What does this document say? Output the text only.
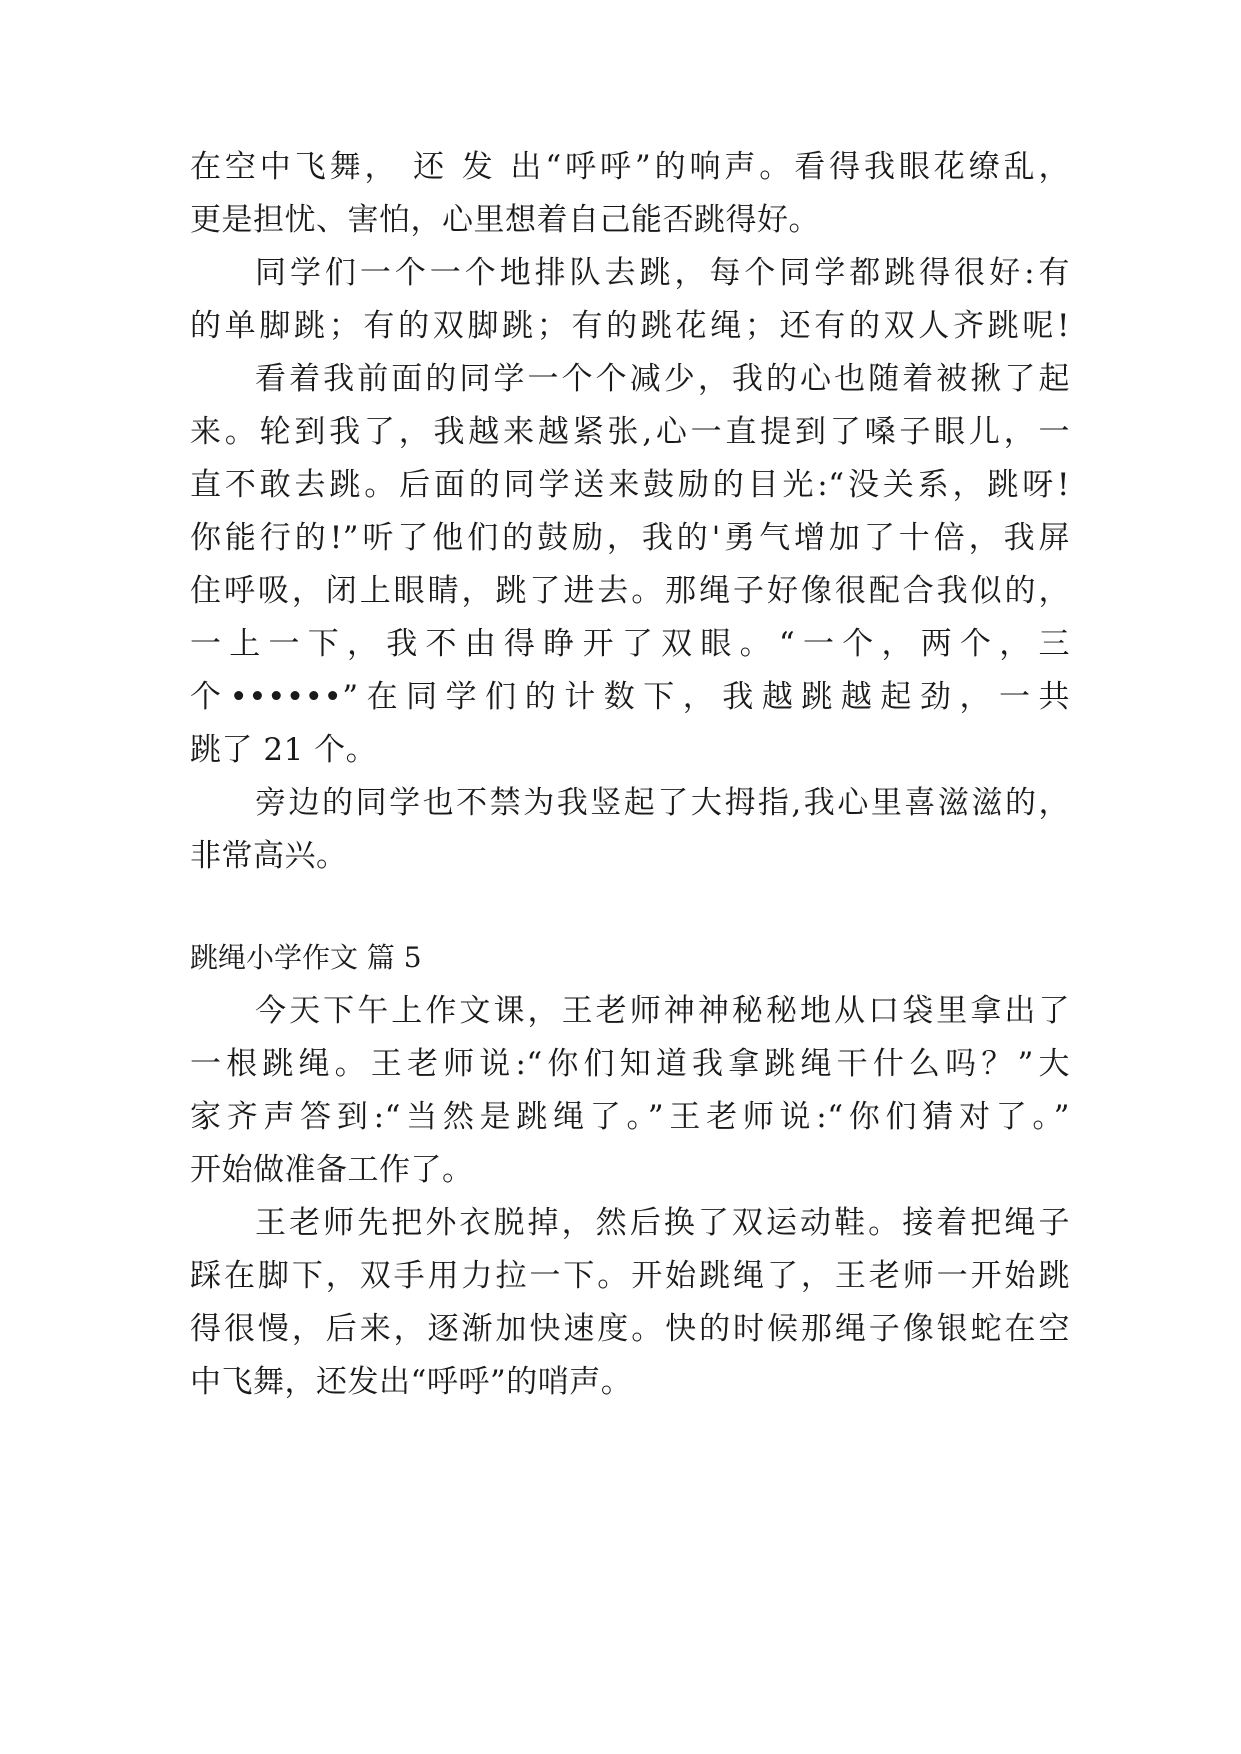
在空中飞舞， 还 发 出“呼呼”的响声。看得我眼花缭乱，
更是担忧、害怕，心里想着自己能否跳得好。
同学们一个一个地排队去跳，每个同学都跳得很好:有
的单脚跳；有的双脚跳；有的跳花绳；还有的双人齐跳呢!
看着我前面的同学一个个减少，我的心也随着被揪了起
来。轮到我了，我越来越紧张,心一直提到了嗓子眼儿，一
直不敢去跳。后面的同学送来鼓励的目光:“没关系，跳呀!
你能行的!”听了他们的鼓励，我的'勇气增加了十倍，我屏
住呼吸，闭上眼睛，跳了进去。那绳子好像很配合我似的，
一上一下，我不由得睁开了双眼。“一个，两个，三
个••••••”在同学们的计数下，我越跳越起劲，一共
跳了 21 个。
旁边的同学也不禁为我竖起了大拇指,我心里喜滋滋的，
非常高兴。
跳绳小学作文 篇 5
今天下午上作文课，王老师神神秘秘地从口袋里拿出了
一根跳绳。王老师说:“你们知道我拿跳绳干什么吗？”大
家齐声答到:“当然是跳绳了。”王老师说:“你们猜对了。”
开始做准备工作了。
王老师先把外衣脱掉，然后换了双运动鞋。接着把绳子
踩在脚下，双手用力拉一下。开始跳绳了，王老师一开始跳
得很慢，后来，逐渐加快速度。快的时候那绳子像银蛇在空
中飞舞，还发出“呼呼”的哨声。
